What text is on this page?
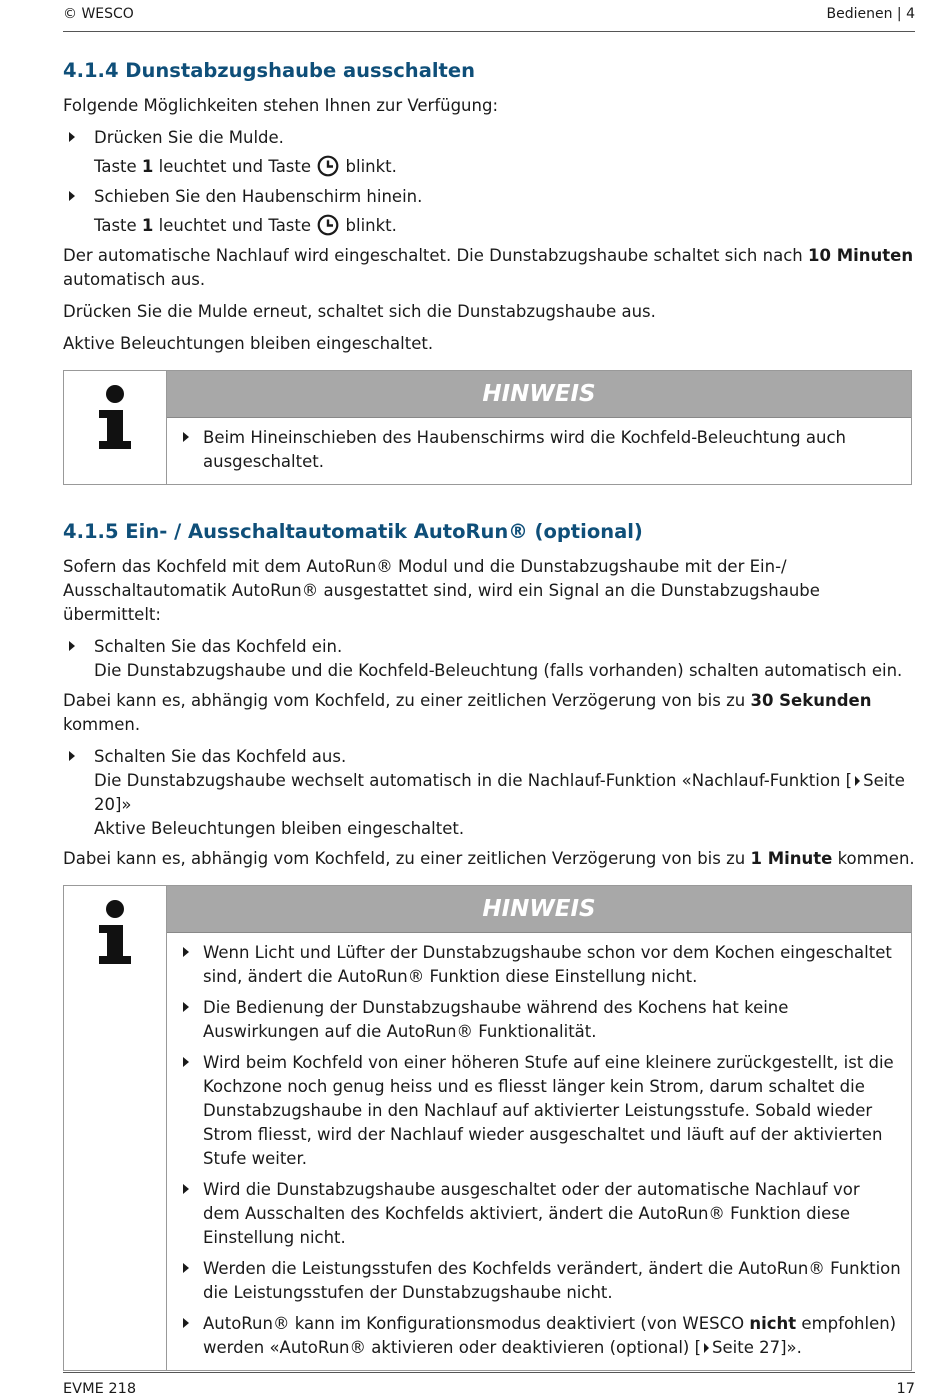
© WESCO	Bedienen | 4
4.1.4 Dunstabzugshaube ausschalten

Folgende Möglichkeiten stehen Ihnen zur Verfügung:

Drücken Sie die Mulde.
Taste 1 leuchtet und Taste  blinkt.
Schieben Sie den Haubenschirm hinein.
Taste 1 leuchtet und Taste  blinkt.

Der automatische Nachlauf wird eingeschaltet. Die Dunstabzugshaube schaltet sich nach 10 Minuten automatisch aus.

Drücken Sie die Mulde erneut, schaltet sich die Dunstabzugshaube aus.

Aktive Beleuchtungen bleiben eingeschaltet.

HINWEIS
Beim Hineinschieben des Haubenschirms wird die Kochfeld-Beleuchtung auch ausgeschaltet.
4.1.5 Ein- / Ausschaltautomatik AutoRun® (optional)

Sofern das Kochfeld mit dem AutoRun® Modul und die Dunstabzugshaube mit der Ein-/ Ausschaltautomatik AutoRun® ausgestattet sind, wird ein Signal an die Dunstabzugshaube übermittelt:

Schalten Sie das Kochfeld ein.
Die Dunstabzugshaube und die Kochfeld-Beleuchtung (falls vorhanden) schalten automatisch ein.

Dabei kann es, abhängig vom Kochfeld, zu einer zeitlichen Verzögerung von bis zu 30 Sekunden kommen.

Schalten Sie das Kochfeld aus.
Die Dunstabzugshaube wechselt automatisch in die Nachlauf-Funktion «Nachlauf-Funktion [ Seite 20]»
Aktive Beleuchtungen bleiben eingeschaltet.

Dabei kann es, abhängig vom Kochfeld, zu einer zeitlichen Verzögerung von bis zu 1 Minute kommen.

HINWEIS
Wenn Licht und Lüfter der Dunstabzugshaube schon vor dem Kochen eingeschaltet sind, ändert die AutoRun® Funktion diese Einstellung nicht.
Die Bedienung der Dunstabzugshaube während des Kochens hat keine Auswirkungen auf die AutoRun® Funktionalität.
Wird beim Kochfeld von einer höheren Stufe auf eine kleinere zurückgestellt, ist die Kochzone noch genug heiss und es fliesst länger kein Strom, darum schaltet die Dunstabzugshaube in den Nachlauf auf aktivierter Leistungsstufe. Sobald wieder Strom fliesst, wird der Nachlauf wieder ausgeschaltet und läuft auf der aktivierten Stufe weiter.
Wird die Dunstabzugshaube ausgeschaltet oder der automatische Nachlauf vor dem Ausschalten des Kochfelds aktiviert, ändert die AutoRun® Funktion diese Einstellung nicht.
Werden die Leistungsstufen des Kochfelds verändert, ändert die AutoRun® Funktion die Leistungsstufen der Dunstabzugshaube nicht.
AutoRun® kann im Konfigurationsmodus deaktiviert (von WESCO nicht empfohlen) werden «AutoRun® aktivieren oder deaktivieren (optional) [ Seite 27]».
EVME 218	17
